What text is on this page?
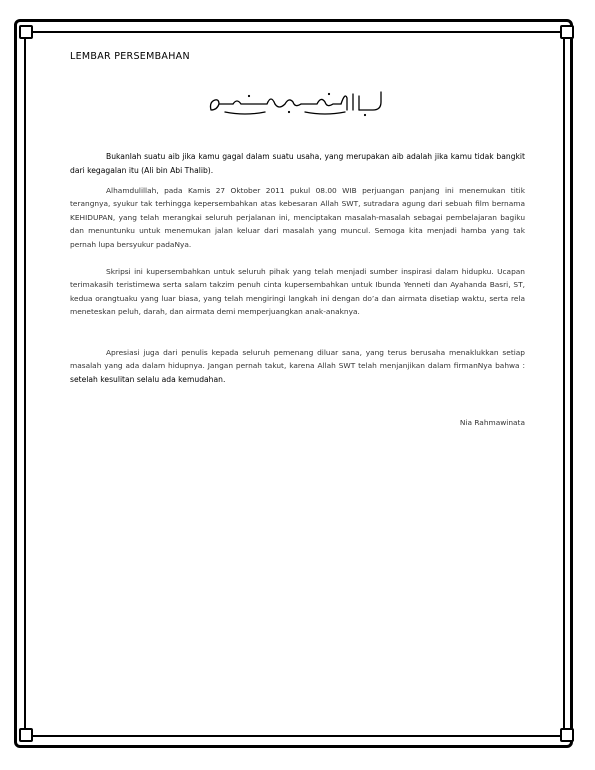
LEMBAR PERSEMBAHAN

Bukanlah suatu aib jika kamu gagal dalam suatu usaha, yang merupakan aib adalah jika kamu tidak bangkit dari kegagalan itu (Ali bin Abi Thalib).

Alhamdulillah, pada Kamis 27 Oktober 2011 pukul 08.00 WIB perjuangan panjang ini menemukan titik terangnya, syukur tak terhingga kepersembahkan atas kebesaran Allah SWT, sutradara agung dari sebuah film bernama KEHIDUPAN, yang telah merangkai seluruh perjalanan ini, menciptakan masalah-masalah sebagai pembelajaran bagiku dan menuntunku untuk menemukan jalan keluar dari masalah yang muncul. Semoga kita menjadi hamba yang tak pernah lupa bersyukur padaNya.

Skripsi ini kupersembahkan untuk seluruh pihak yang telah menjadi sumber inspirasi dalam hidupku. Ucapan terimakasih teristimewa serta salam takzim penuh cinta kupersembahkan untuk Ibunda Yenneti dan Ayahanda Basri, ST, kedua orangtuaku yang luar biasa, yang telah mengiringi langkah ini dengan do’a dan airmata disetiap waktu, serta rela meneteskan peluh, darah, dan airmata demi memperjuangkan anak-anaknya.

Apresiasi juga dari penulis kepada seluruh pemenang diluar sana, yang terus berusaha menaklukkan setiap masalah yang ada dalam hidupnya. Jangan pernah takut, karena Allah SWT telah menjanjikan dalam firmanNya bahwa : setelah kesulitan selalu ada kemudahan.

Nia Rahmawinata
